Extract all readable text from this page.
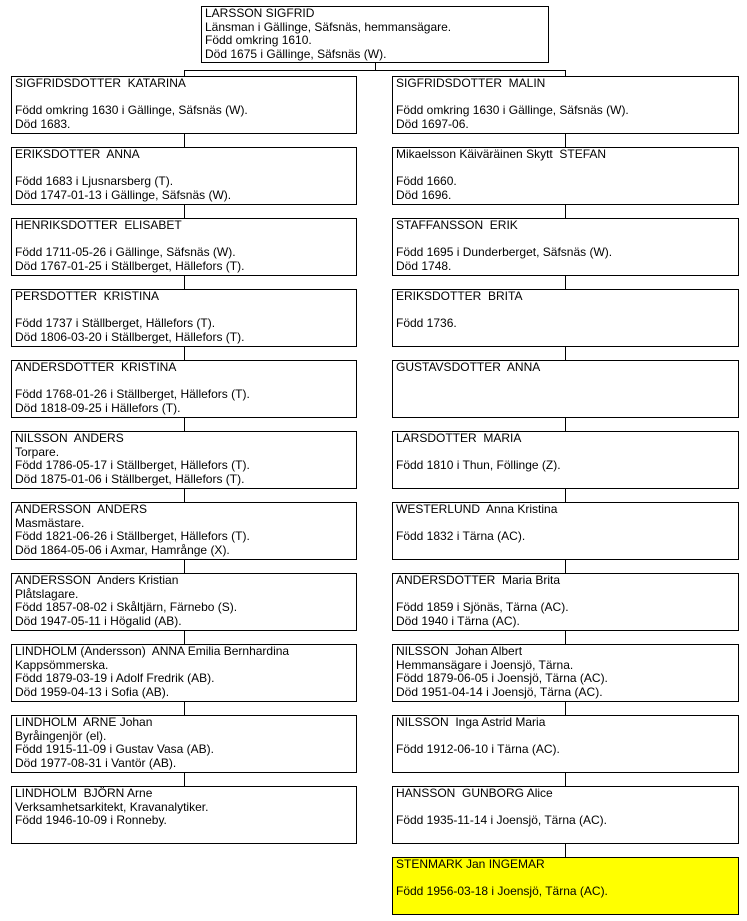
LARSSON SIGFRID
Länsman i Gällinge, Säfsnäs, hemmansägare.
Född omkring 1610.
Död 1675 i Gällinge, Säfsnäs (W).
SIGFRIDSDOTTER  KATARINA
Född omkring 1630 i Gällinge, Säfsnäs (W).
Död 1683.
ERIKSDOTTER  ANNA
Född 1683 i Ljusnarsberg (T).
Död 1747-01-13 i Gällinge, Säfsnäs (W).
HENRIKSDOTTER  ELISABET
Född 1711-05-26 i Gällinge, Säfsnäs (W).
Död 1767-01-25 i Ställberget, Hällefors (T).
PERSDOTTER  KRISTINA
Född 1737 i Ställberget, Hällefors (T).
Död 1806-03-20 i Ställberget, Hällefors (T).
ANDERSDOTTER  KRISTINA
Född 1768-01-26 i Ställberget, Hällefors (T).
Död 1818-09-25 i Hällefors (T).
NILSSON  ANDERS
Torpare.
Född 1786-05-17 i Ställberget, Hällefors (T).
Död 1875-01-06 i Ställberget, Hällefors (T).
ANDERSSON  ANDERS
Masmästare.
Född 1821-06-26 i Ställberget, Hällefors (T).
Död 1864-05-06 i Axmar, Hamrånge (X).
ANDERSSON  Anders Kristian
Plåtslagare.
Född 1857-08-02 i Skåltjärn, Färnebo (S).
Död 1947-05-11 i Högalid (AB).
LINDHOLM (Andersson)  ANNA Emilia Bernhardina
Kappsömmerska.
Född 1879-03-19 i Adolf Fredrik (AB).
Död 1959-04-13 i Sofia (AB).
LINDHOLM  ARNE Johan
Byråingenjör (el).
Född 1915-11-09 i Gustav Vasa (AB).
Död 1977-08-31 i Vantör (AB).
LINDHOLM  BJÖRN Arne
Verksamhetsarkitekt, Kravanalytiker.
Född 1946-10-09 i Ronneby.
SIGFRIDSDOTTER  MALIN
Född omkring 1630 i Gällinge, Säfsnäs (W).
Död 1697-06.
Mikaelsson Käiväräinen Skytt  STEFAN
Född 1660.
Död 1696.
STAFFANSSON  ERIK
Född 1695 i Dunderberget, Säfsnäs (W).
Död 1748.
ERIKSDOTTER  BRITA
Född 1736.
GUSTAVSDOTTER  ANNA
LARSDOTTER  MARIA
Född 1810 i Thun, Föllinge (Z).
WESTERLUND  Anna Kristina
Född 1832 i Tärna (AC).
ANDERSDOTTER  Maria Brita
Född 1859 i Sjönäs, Tärna (AC).
Död 1940 i Tärna (AC).
NILSSON  Johan Albert
Hemmansägare i Joensjö, Tärna.
Född 1879-06-05 i Joensjö, Tärna (AC).
Död 1951-04-14 i Joensjö, Tärna (AC).
NILSSON  Inga Astrid Maria
Född 1912-06-10 i Tärna (AC).
HANSSON  GUNBORG Alice
Född 1935-11-14 i Joensjö, Tärna (AC).
STENMARK Jan INGEMAR
Född 1956-03-18 i Joensjö, Tärna (AC).
